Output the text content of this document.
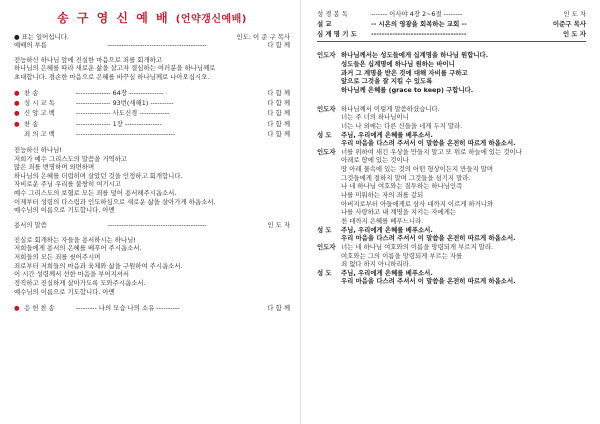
송 구 영 신 예 배 (언약갱신예배)
● 표는 일어섭니다.	인도: 이 준 구 목사
예배의 부름	-------------------------------------------	다 함 께

전능하신 하나님 앞에 진실한 마음으로 죄를 회개하고

하나님의 은혜를 따라 새로운 삶을 살고자 결심하는 여러분을 하나님께로

초대합니다. 겸손한 마음으로 은혜를 바꾸실 하나님께로 나아오십시오.

● 찬 송	--------------- 64장 ---------------	다 함 께
● 성 시 교 독	--------------- 93번(새해1) ----------	다 함 께
● 신 앙 고 백	--------------- 사도신경 -------------	다 함 께
● 찬 송	--------------- 1장 ----------------	다 함 께
죄 의 고 백	-------------------------------------------	다 함 께

전능하신 하나님!

저희가 예수 그리스도의 말씀을 거역하고

많은 죄를 변명하며 외면하며

하나님의 은혜를 더럽히며 살았던 것을 인정하고 회개합니다.

자비로운 주님 우리를 불쌍히 여기시고

예수 그리스도의 보혈로 모든 죄를 덮어 용서해주시옵소서.

이제부터 성령의 다스림과 인도하심으로 새로운 삶을 살아가게 하옵소서.

예수님의 이름으로 기도합니다. 아멘

용서의 말씀	-------------------------------------------	인 도 자

진실로 회개하는 자들을 용서하시는 하나님!

저희들에게 용서의 은혜를 베푸어 주시옵소서.

저희들의 모든 죄를 씻어주시며

죄로부터 저희들의 마음과 육체와 삶을 구원하여 주시옵소서.

이 시간 성령께서 선한 마음을 부어지셔서

정직하고 진실하게 살아가도록 도와주시옵소서.

예수님의 이름으로 기도합니다. 아멘

● 응 헌 찬 송	--------- 나의 모습 나의 소유 ----------	다 함 께
성 경 봉 독	------- 이사야 4장 2~6절 --------	인 도 자
설 교	-- 시온의 영광을 회복하는 교회 --	이준구 목사
심 계 명 기 도	------------------------------------	인 도 자
인도자 하나님께서는 성도들에게 십계명을 하나님 원합니다.
성도들은 십계명에 하나님 원하는 바이니
과거 그 계명을 받은 것에 대해 자비를 구하고
앞으로 그것을 잘 지킬 수 있도록
하나님께 은혜를 (grace to keep) 구합니다.
인도자 하나님께서 이렇게 말씀하셨습니다.
너는 주 너의 하나님이니
너는 나 외에는 다른 신들을 네게 두지 말라.
성 도	주님, 우리에게 은혜를 베푸소서.
우리 마음을 다스려 주셔서 이 말씀을 온전히 따르게 하옵소서.
인도자 너를 위하여 새긴 우상을 만들지 말고 또 위로 하늘에 있는 것이나
아래로 땅에 있는 것이나
땅 아래 물속에 있는 것의 어떤 형상이든지 만들지 말며
그것들에게 절하지 말며 그것들을 섬기지 말라.
나 네 하나님 여호와는 질투하는 하나님인즉
나를 미워하는 자의 죄를 갚되
아버지로부터 아들에게로 삼사 대까지 이르게 하거니와
나를 사랑하고 내 계명을 지키는 자에게는
천 대까지 은혜를 베푸느니라.
성 도	주님, 우리에게 은혜를 베푸소서.
우리 마음을 다스려 주셔서 이 말씀을 온전히 따르게 하옵소서.
인도자 너는 네 하나님 여호와의 이름을 망령되게 부르지 말라.
여호와는 그의 이름을 망령되게 부르는 자를
죄 없다 하지 아니하리라.
성 도	주님, 우리에게 은혜를 베푸소서.
우리 마음을 다스려 주셔서 이 말씀을 온전히 따르게 하옵소서.
